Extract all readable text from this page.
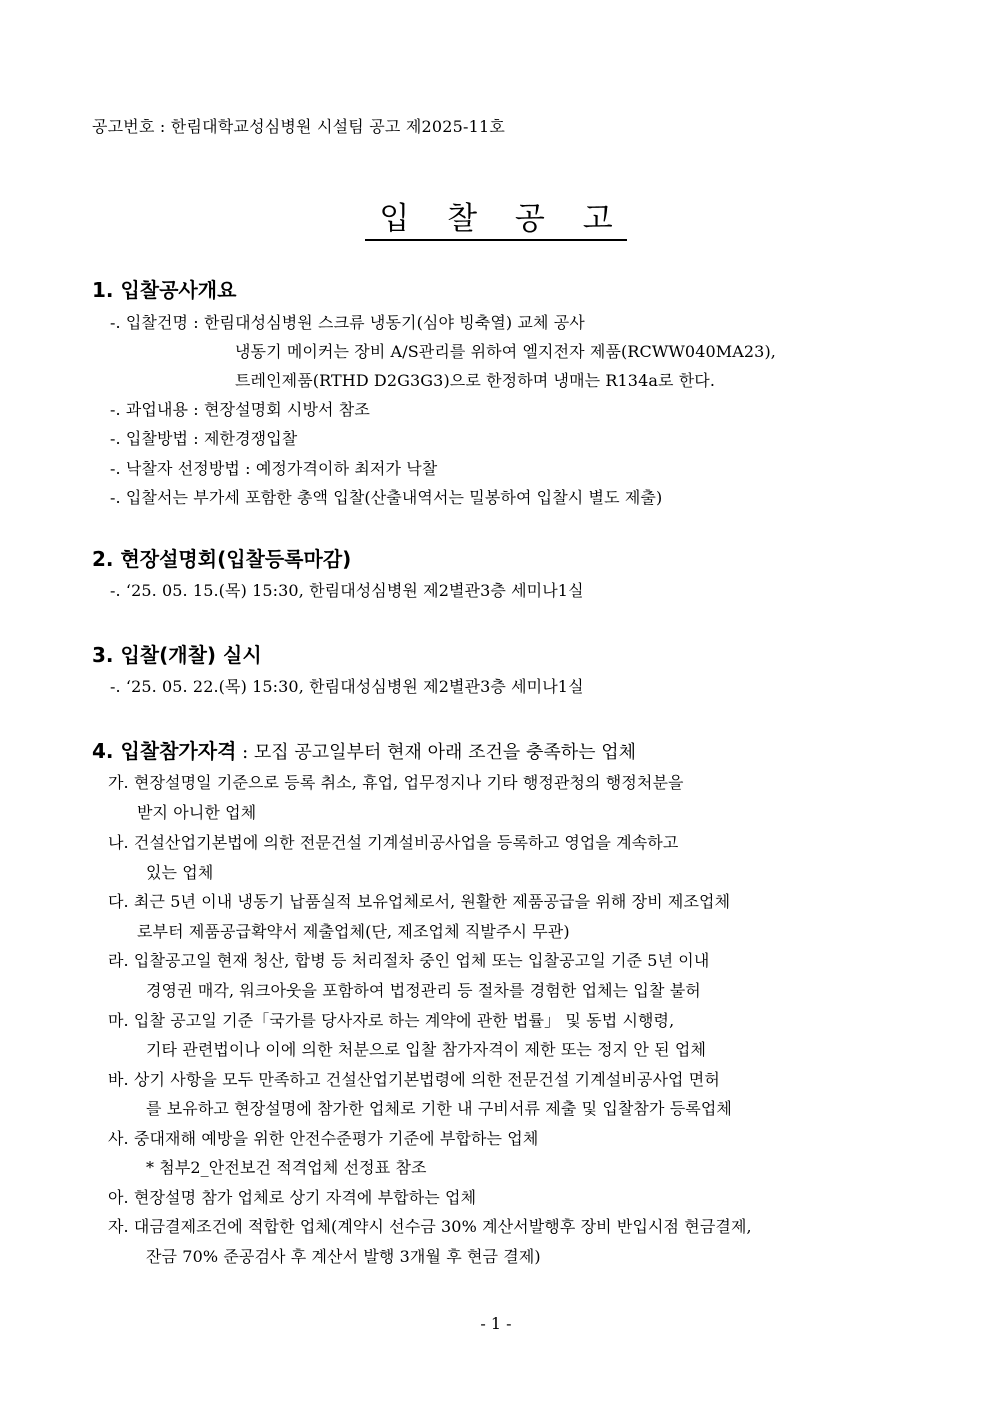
공고번호 : 한림대학교성심병원 시설팀 공고 제2025-11호
입 찰 공 고
1. 입찰공사개요
-. 입찰건명 : 한림대성심병원 스크류 냉동기(심야 빙축열) 교체 공사
냉동기 메이커는 장비 A/S관리를 위하여 엘지전자 제품(RCWW040MA23),
트레인제품(RTHD D2G3G3)으로 한정하며 냉매는 R134a로 한다.
-. 과업내용 : 현장설명회 시방서 참조
-. 입찰방법 : 제한경쟁입찰
-. 낙찰자 선정방법 : 예정가격이하 최저가 낙찰
-. 입찰서는 부가세 포함한 총액 입찰(산출내역서는 밀봉하여 입찰시 별도 제출)
2. 현장설명회(입찰등록마감)
-. ‘25. 05. 15.(목) 15:30, 한림대성심병원 제2별관3층 세미나1실
3. 입찰(개찰) 실시
-. ‘25. 05. 22.(목) 15:30, 한림대성심병원 제2별관3층 세미나1실
4. 입찰참가자격 : 모집 공고일부터 현재 아래 조건을 충족하는 업체
가. 현장설명일 기준으로 등록 취소, 휴업, 업무정지나 기타 행정관청의 행정처분을
받지 아니한 업체
나. 건설산업기본법에 의한 전문건설 기계설비공사업을 등록하고 영업을 계속하고
있는 업체
다. 최근 5년 이내 냉동기 납품실적 보유업체로서, 원활한 제품공급을 위해 장비 제조업체
로부터 제품공급확약서 제출업체(단, 제조업체 직발주시 무관)
라. 입찰공고일 현재 청산, 합병 등 처리절차 중인 업체 또는 입찰공고일 기준 5년 이내
경영권 매각, 워크아웃을 포함하여 법정관리 등 절차를 경험한 업체는 입찰 불허
마. 입찰 공고일 기준「국가를 당사자로 하는 계약에 관한 법률」 및 동법 시행령,
기타 관련법이나 이에 의한 처분으로 입찰 참가자격이 제한 또는 정지 안 된 업체
바. 상기 사항을 모두 만족하고 건설산업기본법령에 의한 전문건설 기계설비공사업 면허
를 보유하고 현장설명에 참가한 업체로 기한 내 구비서류 제출 및 입찰참가 등록업체
사. 중대재해 예방을 위한 안전수준평가 기준에 부합하는 업체
* 첨부2_안전보건 적격업체 선정표 참조
아. 현장설명 참가 업체로 상기 자격에 부합하는 업체
자. 대금결제조건에 적합한 업체(계약시 선수금 30% 계산서발행후 장비 반입시점 현금결제,
잔금 70% 준공검사 후 계산서 발행 3개월 후 현금 결제)
- 1 -
